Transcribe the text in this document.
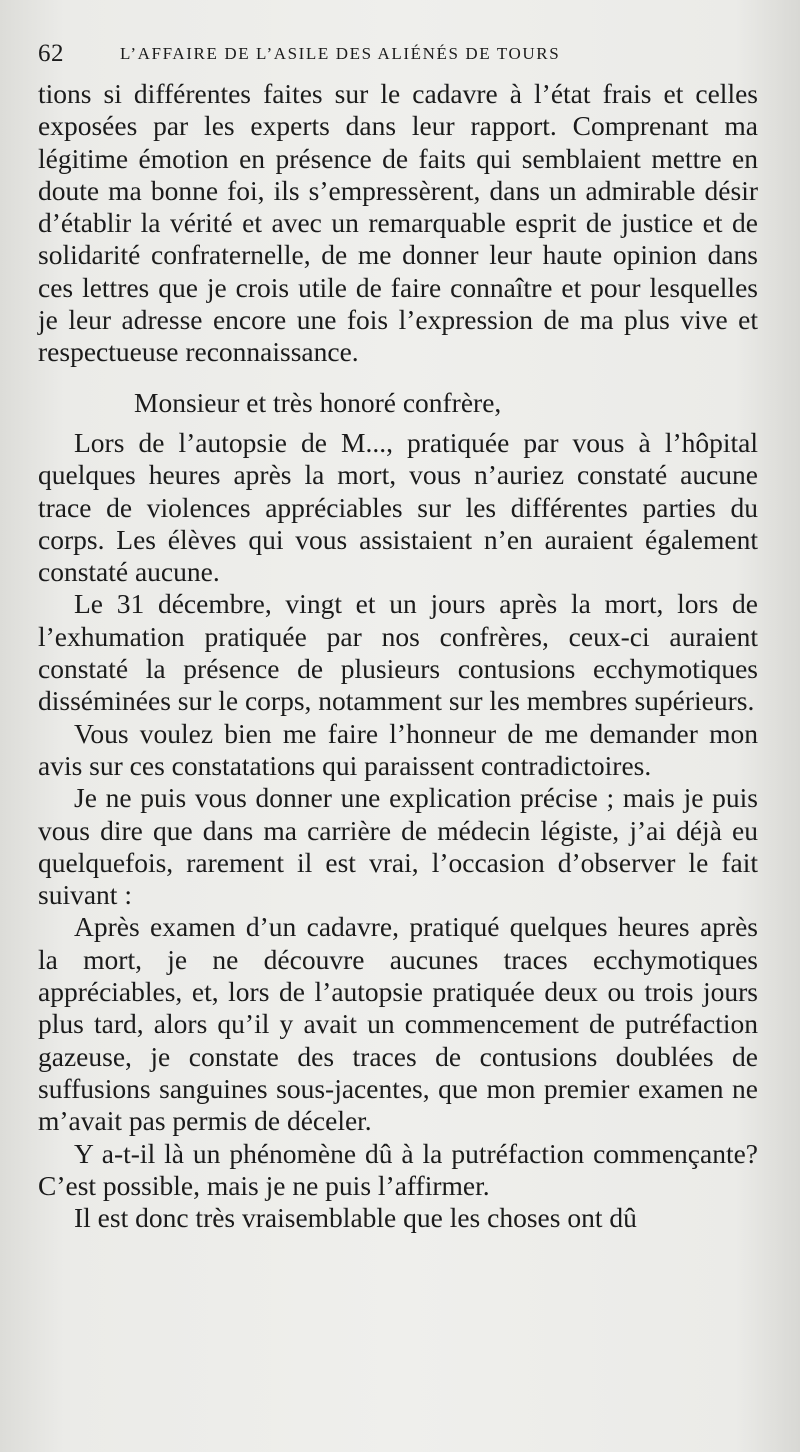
62	L’AFFAIRE DE L’ASILE DES ALIÉNÉS DE TOURS

tions si différentes faites sur le cadavre à l’état frais et celles exposées par les experts dans leur rapport. Comprenant ma légitime émotion en présence de faits qui semblaient mettre en doute ma bonne foi, ils s’empressèrent, dans un admirable désir d’établir la vérité et avec un remarquable esprit de justice et de solidarité confraternelle, de me donner leur haute opinion dans ces lettres que je crois utile de faire connaître et pour lesquelles je leur adresse encore une fois l’expression de ma plus vive et respectueuse reconnaissance.

Monsieur et très honoré confrère,

Lors de l’autopsie de M..., pratiquée par vous à l’hôpital quelques heures après la mort, vous n’auriez constaté aucune trace de violences appréciables sur les différentes parties du corps. Les élèves qui vous assistaient n’en auraient également constaté aucune.

Le 31 décembre, vingt et un jours après la mort, lors de l’exhumation pratiquée par nos confrères, ceux-ci auraient constaté la présence de plusieurs contusions ecchymotiques disséminées sur le corps, notamment sur les membres supérieurs.

Vous voulez bien me faire l’honneur de me demander mon avis sur ces constatations qui paraissent contradictoires.

Je ne puis vous donner une explication précise ; mais je puis vous dire que dans ma carrière de médecin légiste, j’ai déjà eu quelquefois, rarement il est vrai, l’occasion d’observer le fait suivant :

Après examen d’un cadavre, pratiqué quelques heures après la mort, je ne découvre aucunes traces ecchymotiques appréciables, et, lors de l’autopsie pratiquée deux ou trois jours plus tard, alors qu’il y avait un commencement de putréfaction gazeuse, je constate des traces de contusions doublées de suffusions sanguines sous-jacentes, que mon premier examen ne m’avait pas permis de déceler.

Y a-t-il là un phénomène dû à la putréfaction commençante? C’est possible, mais je ne puis l’affirmer.

Il est donc très vraisemblable que les choses ont dû
